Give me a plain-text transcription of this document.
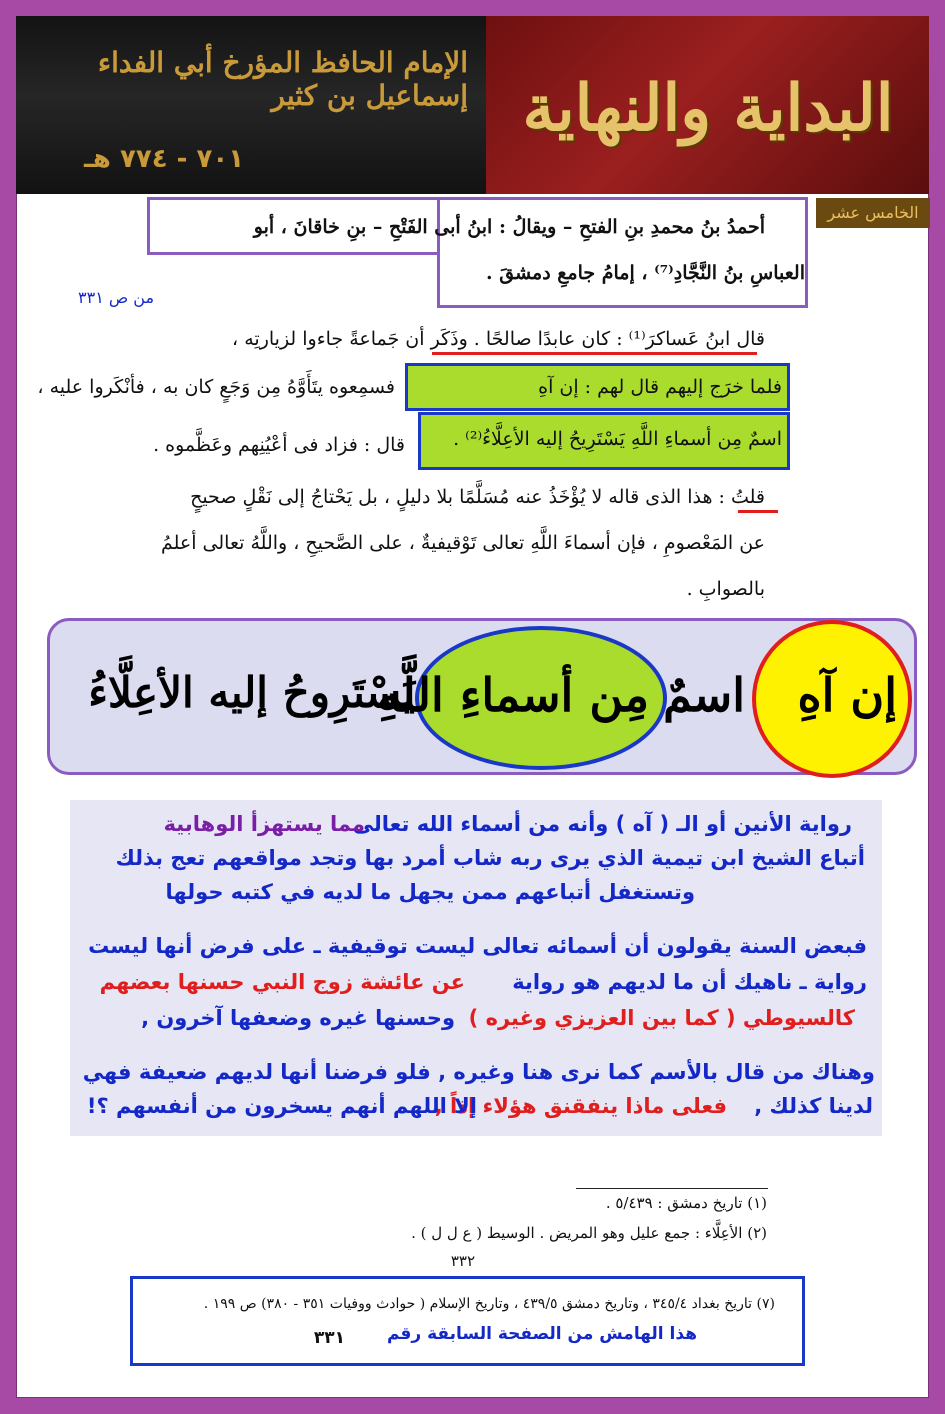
الإمام الحافظ المؤرخ أبي الفداء إسماعيل بن كثير
٧٠١ - ٧٧٤ هـ
البداية والنهاية
الخامس عشر
أحمدُ بنُ محمدِ بنِ الفتحِ – ويقالُ : ابنُ أبى الفَتْحِ – بنِ خاقانَ ، أبو
العباسِ بنُ النَّجَّادِ⁽⁷⁾ ، إمامُ جامعِ دمشقَ .
من ص ٣٣١
قال ابنُ عَساكرَ⁽¹⁾ : كان عابدًا صالحًا . وذَكَر أن جَماعةً جاءوا لزيارتِه ،
فسمِعوه يتَأَوَّهُ مِن وَجَعٍ كان به ، فأنْكَروا عليه ،	فلما خرَج إليهم قال لهم : إن آهِ
اسمٌ مِن أسماءِ اللَّهِ يَسْتَرِيحُ إليه الأعِلَّاءُ⁽²⁾ .
قال : فزاد فى أعْيُنِهم وعَظَّموه .
قلتُ : هذا الذى قاله لا يُؤْخَذُ عنه مُسَلَّمًا بلا دليلٍ ، بل يَحْتاجُ إلى نَقْلٍ صحيحٍ
عن المَعْصومِ ، فإن أسماءَ اللَّهِ تعالى تَوْقيفيةٌ ، على الصَّحيحِ ، واللَّهُ تعالى أعلمُ
بالصوابِ .
إن آهِ
اسمٌ
مِن أسماءِ اللَّهِ
يَسْتَرِوحُ إليه الأعِلَّاءُ
رواية الأنين أو الـ ( آه ) وأنه من أسماء الله تعالى
مما يستهزأ الوهابية
أتباع الشيخ ابن تيمية الذي يرى ربه شاب أمرد بها وتجد مواقعهم تعج بذلك
وتستغفل أتباعهم ممن يجهل ما لديه في كتبه حولها
فبعض السنة يقولون أن أسمائه تعالى ليست توقيفية ـ على فرض أنها ليست
رواية ـ ناهيك أن ما لديهم هو رواية
عن عائشة زوج النبي حسنها بعضهم
كالسيوطي ( كما بين العزيزي وغيره )
وحسنها غيره وضعفها آخرون ,
وهناك من قال بالأسم كما نرى هنا وغيره , فلو فرضنا أنها لديهم ضعيفة فهي
لدينا كذلك ,
فعلى ماذا ينفقنق هؤلاء إذاً ,
إلا اللهم أنهم يسخرون من أنفسهم ؟!
(١) تاريخ دمشق : ٥/٤٣٩ .
(٢) الأعِلَّاء : جمع عليل وهو المريض . الوسيط ( ع ل ل ) .
٣٣٢
(٧) تاريخ بغداد ٣٤٥/٤ ، وتاريخ دمشق ٤٣٩/٥ ، وتاريخ الإسلام ( حوادث ووفيات ٣٥١ - ٣٨٠) ص ١٩٩ .
هذا الهامش من الصفحة السابقة رقم
٣٣١
